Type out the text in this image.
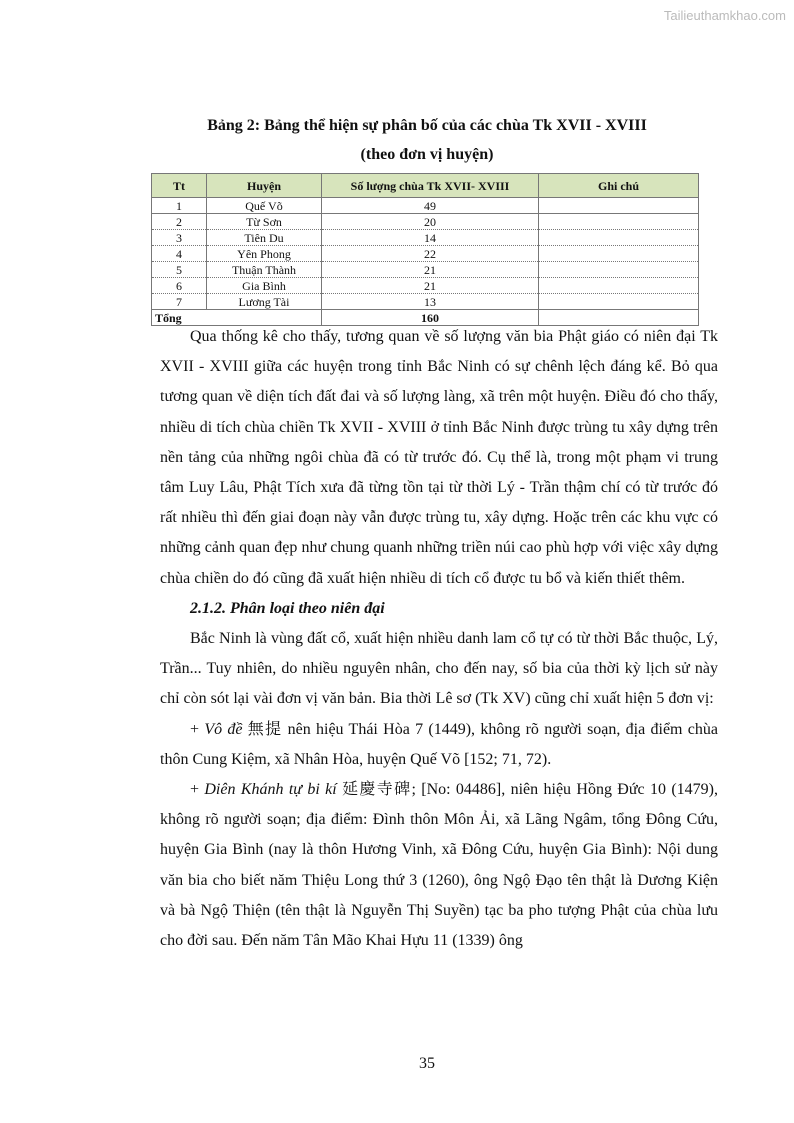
Tailieuthamkhao.com
Bảng 2: Bảng thể hiện sự phân bố của các chùa Tk XVII - XVIII
(theo đơn vị huyện)
Tt	Huyện	Số lượng chùa Tk XVII- XVIII	Ghi chú
1	Quế Võ	49	
2	Từ Sơn	20	
3	Tiên Du	14	
4	Yên Phong	22	
5	Thuận Thành	21	
6	Gia Bình	21	
7	Lương Tài	13	
Tổng		160	

Qua thống kê cho thấy, tương quan về số lượng văn bia Phật giáo có niên đại Tk XVII - XVIII giữa các huyện trong tỉnh Bắc Ninh có sự chênh lệch đáng kể. Bỏ qua tương quan về diện tích đất đai và số lượng làng, xã trên một huyện. Điều đó cho thấy, nhiều di tích chùa chiền Tk XVII - XVIII ở tỉnh Bắc Ninh được trùng tu xây dựng trên nền tảng của những ngôi chùa đã có từ trước đó. Cụ thể là, trong một phạm vi trung tâm Luy Lâu, Phật Tích xưa đã từng tồn tại từ thời Lý - Trần thậm chí có từ trước đó rất nhiều thì đến giai đoạn này vẫn được trùng tu, xây dựng. Hoặc trên các khu vực có những cảnh quan đẹp như chung quanh những triền núi cao phù hợp với việc xây dựng chùa chiền do đó cũng đã xuất hiện nhiều di tích cổ được tu bổ và kiến thiết thêm.

2.1.2. Phân loại theo niên đại

Bắc Ninh là vùng đất cổ, xuất hiện nhiều danh lam cổ tự có từ thời Bắc thuộc, Lý, Trần... Tuy nhiên, do nhiều nguyên nhân, cho đến nay, số bia của thời kỳ lịch sử này chỉ còn sót lại vài đơn vị văn bản. Bia thời Lê sơ (Tk XV) cũng chỉ xuất hiện 5 đơn vị:

+ Vô đề 無提 nên hiệu Thái Hòa 7 (1449), không rõ người soạn, địa điểm chùa thôn Cung Kiệm, xã Nhân Hòa, huyện Quế Võ [152; 71, 72).

+ Diên Khánh tự bi kí 延慶寺碑; [No: 04486], niên hiệu Hồng Đức 10 (1479), không rõ người soạn; địa điểm: Đình thôn Môn Ải, xã Lãng Ngâm, tổng Đông Cứu, huyện Gia Bình (nay là thôn Hương Vinh, xã Đông Cứu, huyện Gia Bình): Nội dung văn bia cho biết năm Thiệu Long thứ 3 (1260), ông Ngộ Đạo tên thật là Dương Kiện và bà Ngộ Thiện (tên thật là Nguyễn Thị Suyền) tạc ba pho tượng Phật của chùa lưu cho đời sau. Đến năm Tân Mão Khai Hựu 11 (1339) ông

35
